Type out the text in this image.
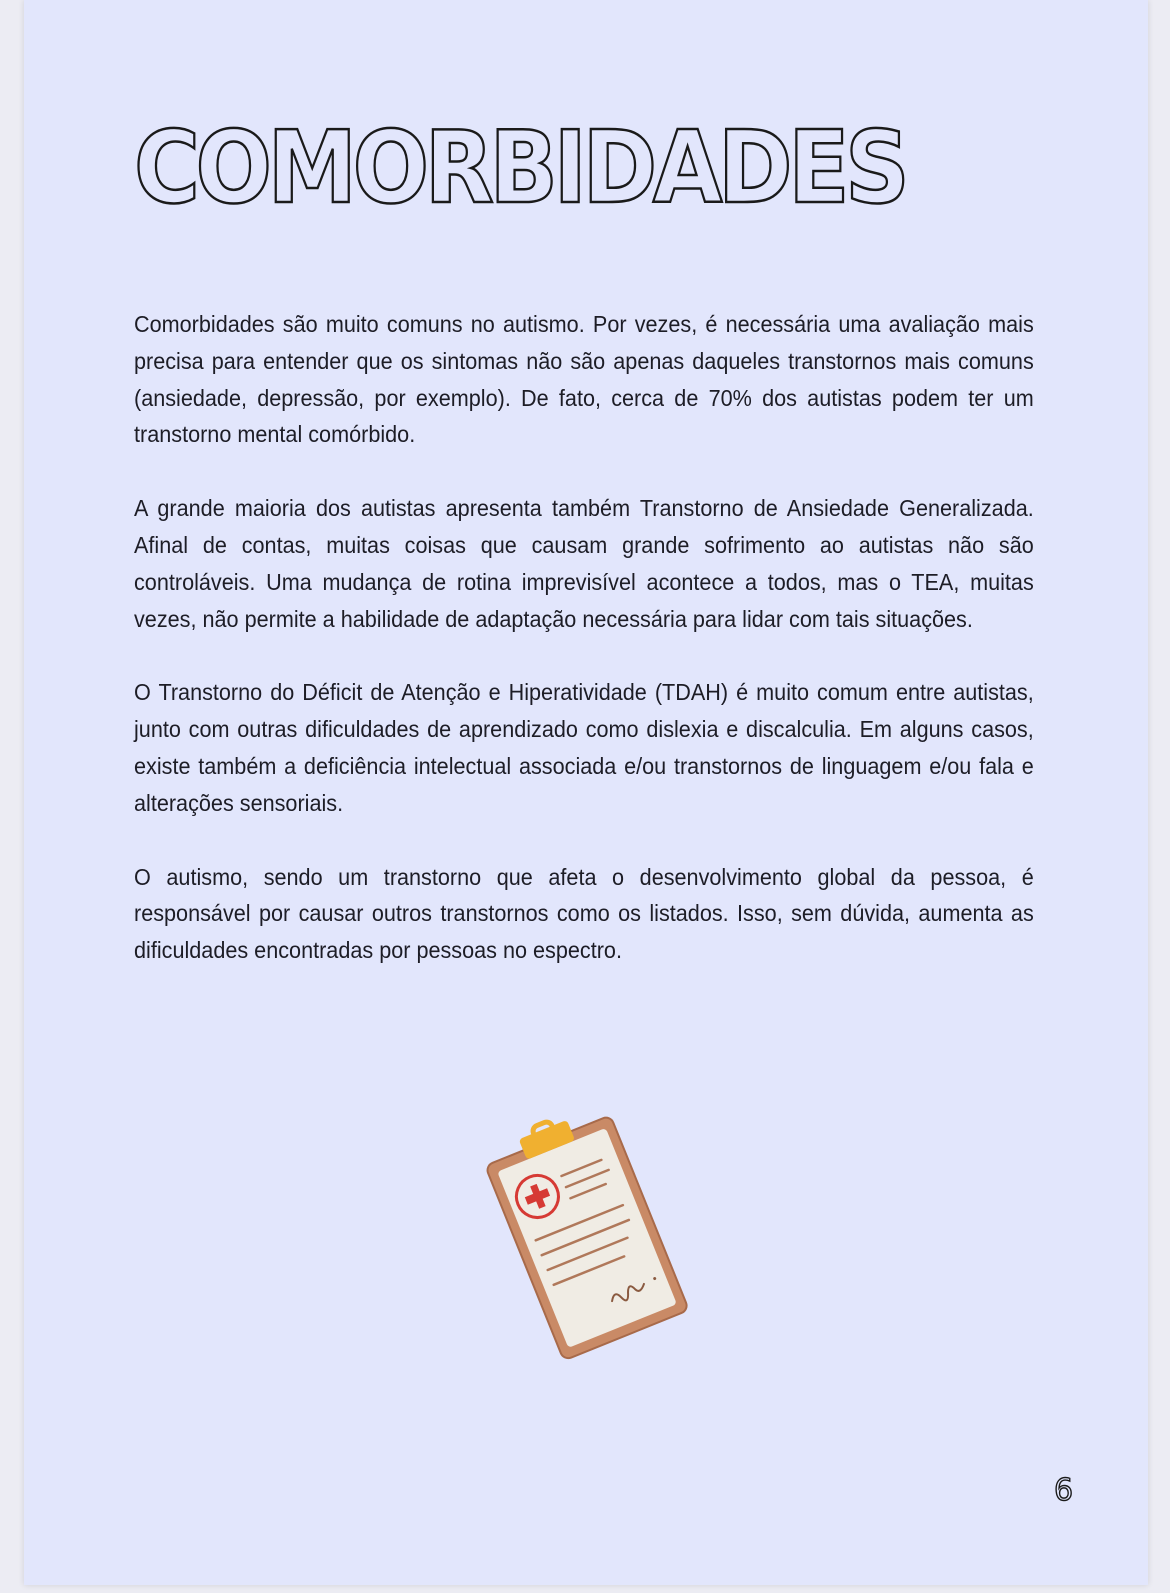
COMORBIDADES

Comorbidades são muito comuns no autismo. Por vezes, é necessária uma avaliação mais precisa para entender que os sintomas não são apenas daqueles transtornos mais comuns (ansiedade, depressão, por exemplo). De fato, cerca de 70% dos autistas podem ter um transtorno mental comórbido.

A grande maioria dos autistas apresenta também Transtorno de Ansiedade Generalizada. Afinal de contas, muitas coisas que causam grande sofrimento ao autistas não são controláveis. Uma mudança de rotina imprevisível acontece a todos, mas o TEA, muitas vezes, não permite a habilidade de adaptação necessária para lidar com tais situações.

O Transtorno do Déficit de Atenção e Hiperatividade (TDAH) é muito comum entre autistas, junto com outras dificuldades de aprendizado como dislexia e discalculia. Em alguns casos, existe também a deficiência intelectual associada e/ou transtornos de linguagem e/ou fala e alterações sensoriais.

O autismo, sendo um transtorno que afeta o desenvolvimento global da pessoa, é responsável por causar outros transtornos como os listados. Isso, sem dúvida, aumenta as dificuldades encontradas por pessoas no espectro.

6
